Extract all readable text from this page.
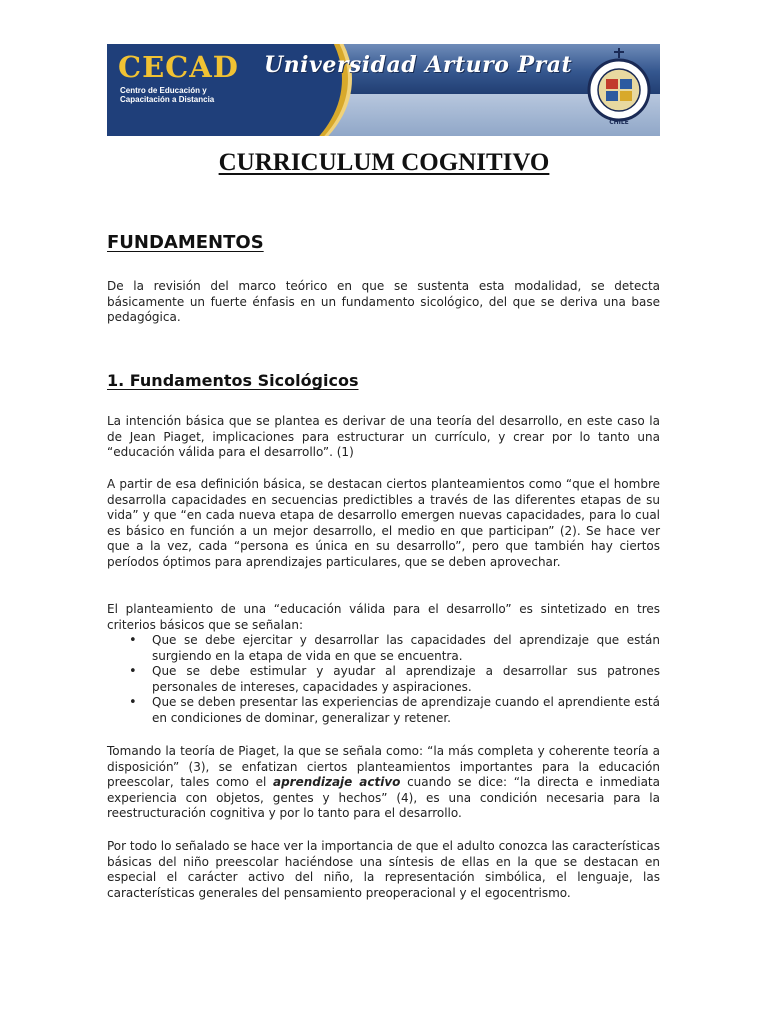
CECAD
Centro de Educación y
Capacitación a Distancia
Universidad Arturo Prat
CHILE
CURRICULUM COGNITIVO
FUNDAMENTOS

De la revisión del marco teórico en que se sustenta esta modalidad, se detecta básicamente un fuerte énfasis en un fundamento sicológico, del que se deriva una base pedagógica.

1. Fundamentos Sicológicos

La intención básica que se plantea es derivar de una teoría del desarrollo, en este caso la de Jean Piaget, implicaciones para estructurar un currículo, y crear por lo tanto una “educación válida para el desarrollo”. (1)

A partir de esa definición básica, se destacan ciertos planteamientos como “que el hombre desarrolla capacidades en secuencias predictibles a través de las diferentes etapas de su vida” y que “en cada nueva etapa de desarrollo emergen nuevas capacidades, para lo cual es básico en función a un mejor desarrollo, el medio en que participan” (2). Se hace ver que a la vez, cada “persona es única en su desarrollo”, pero que también hay ciertos períodos óptimos para aprendizajes particulares, que se deben aprovechar.

El planteamiento de una “educación válida para el desarrollo” es sintetizado en tres criterios básicos que se señalan:

• Que se debe ejercitar y desarrollar las capacidades del aprendizaje que están surgiendo en la etapa de vida en que se encuentra.
• Que se debe estimular y ayudar al aprendizaje a desarrollar sus patrones personales de intereses, capacidades y aspiraciones.
• Que se deben presentar las experiencias de aprendizaje cuando el aprendiente está en condiciones de dominar, generalizar y retener.

Tomando la teoría de Piaget, la que se señala como: “la más completa y coherente teoría a disposición” (3), se enfatizan ciertos planteamientos importantes para la educación preescolar, tales como el aprendizaje activo cuando se dice: “la directa e inmediata experiencia con objetos, gentes y hechos” (4), es una condición necesaria para la reestructuración cognitiva y por lo tanto para el desarrollo.

Por todo lo señalado se hace ver la importancia de que el adulto conozca las características básicas del niño preescolar haciéndose una síntesis de ellas en la que se destacan en especial el carácter activo del niño, la representación simbólica, el lenguaje, las características generales del pensamiento preoperacional y el egocentrismo.
